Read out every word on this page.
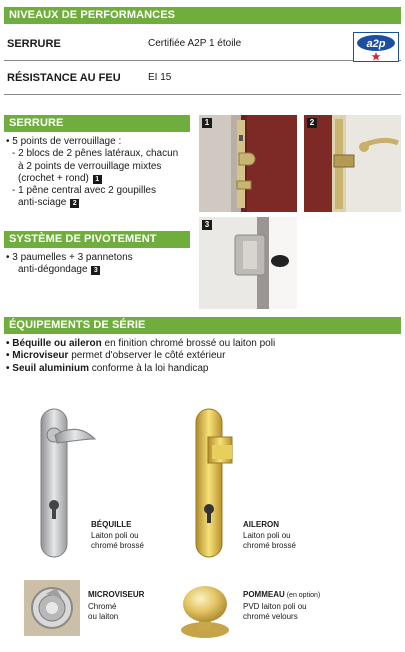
NIVEAUX DE PERFORMANCES
SERRURE	Certifiée A2P 1 étoile	a2p
RÉSISTANCE AU FEU	EI 15
SERRURE
• 5 points de verrouillage :
- 2 blocs de 2 pênes latéraux, chacun
à 2 points de verrouillage mixtes
(crochet + rond) 1
- 1 pêne central avec 2 goupilles
anti-sciage 2
SYSTÈME DE PIVOTEMENT
• 3 paumelles + 3 pannetons
anti-dégondage 3
1	2
3
ÉQUIPEMENTS DE SÉRIE
• Béquille ou aileron en finition chromé brossé ou laiton poli
• Microviseur permet d'observer le côté extérieur
• Seuil aluminium conforme à la loi handicap
BÉQUILLE
Laiton poli ou
chromé brossé
AILERON
Laiton poli ou
chromé brossé
MICROVISEUR
Chromé
ou laiton
POMMEAU (en option)
PVD laiton poli ou
chromé velours
